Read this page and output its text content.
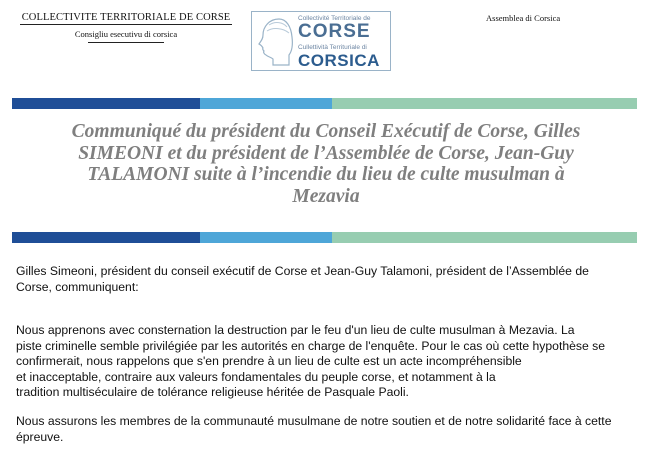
COLLECTIVITE TERRITORIALE DE CORSE
Consigliu esecutivu di corsica
Collectivité Territoriale de
CORSE
Cullettività Territuriale di
CORSICA
Assemblea di Corsica
Communiqué du président du Conseil Exécutif de Corse, Gilles
SIMEONI et du président de l’Assemblée de Corse, Jean-Guy
TALAMONI suite à l’incendie du lieu de culte musulman à
Mezavia
Gilles Simeoni, président du conseil exécutif de Corse et Jean-Guy Talamoni, président de l’Assemblée de
Corse, communiquent:
Nous apprenons avec consternation la destruction par le feu d'un lieu de culte musulman à Mezavia. La
piste criminelle semble privilégiée par les autorités en charge de l'enquête. Pour le cas où cette hypothèse se
confirmerait, nous rappelons que s'en prendre à un lieu de culte est un acte incompréhensible
et inacceptable, contraire aux valeurs fondamentales du peuple corse, et notamment à la
tradition multiséculaire de tolérance religieuse héritée de Pasquale Paoli.
Nous assurons les membres de la communauté musulmane de notre soutien et de notre solidarité face à cette
épreuve.
